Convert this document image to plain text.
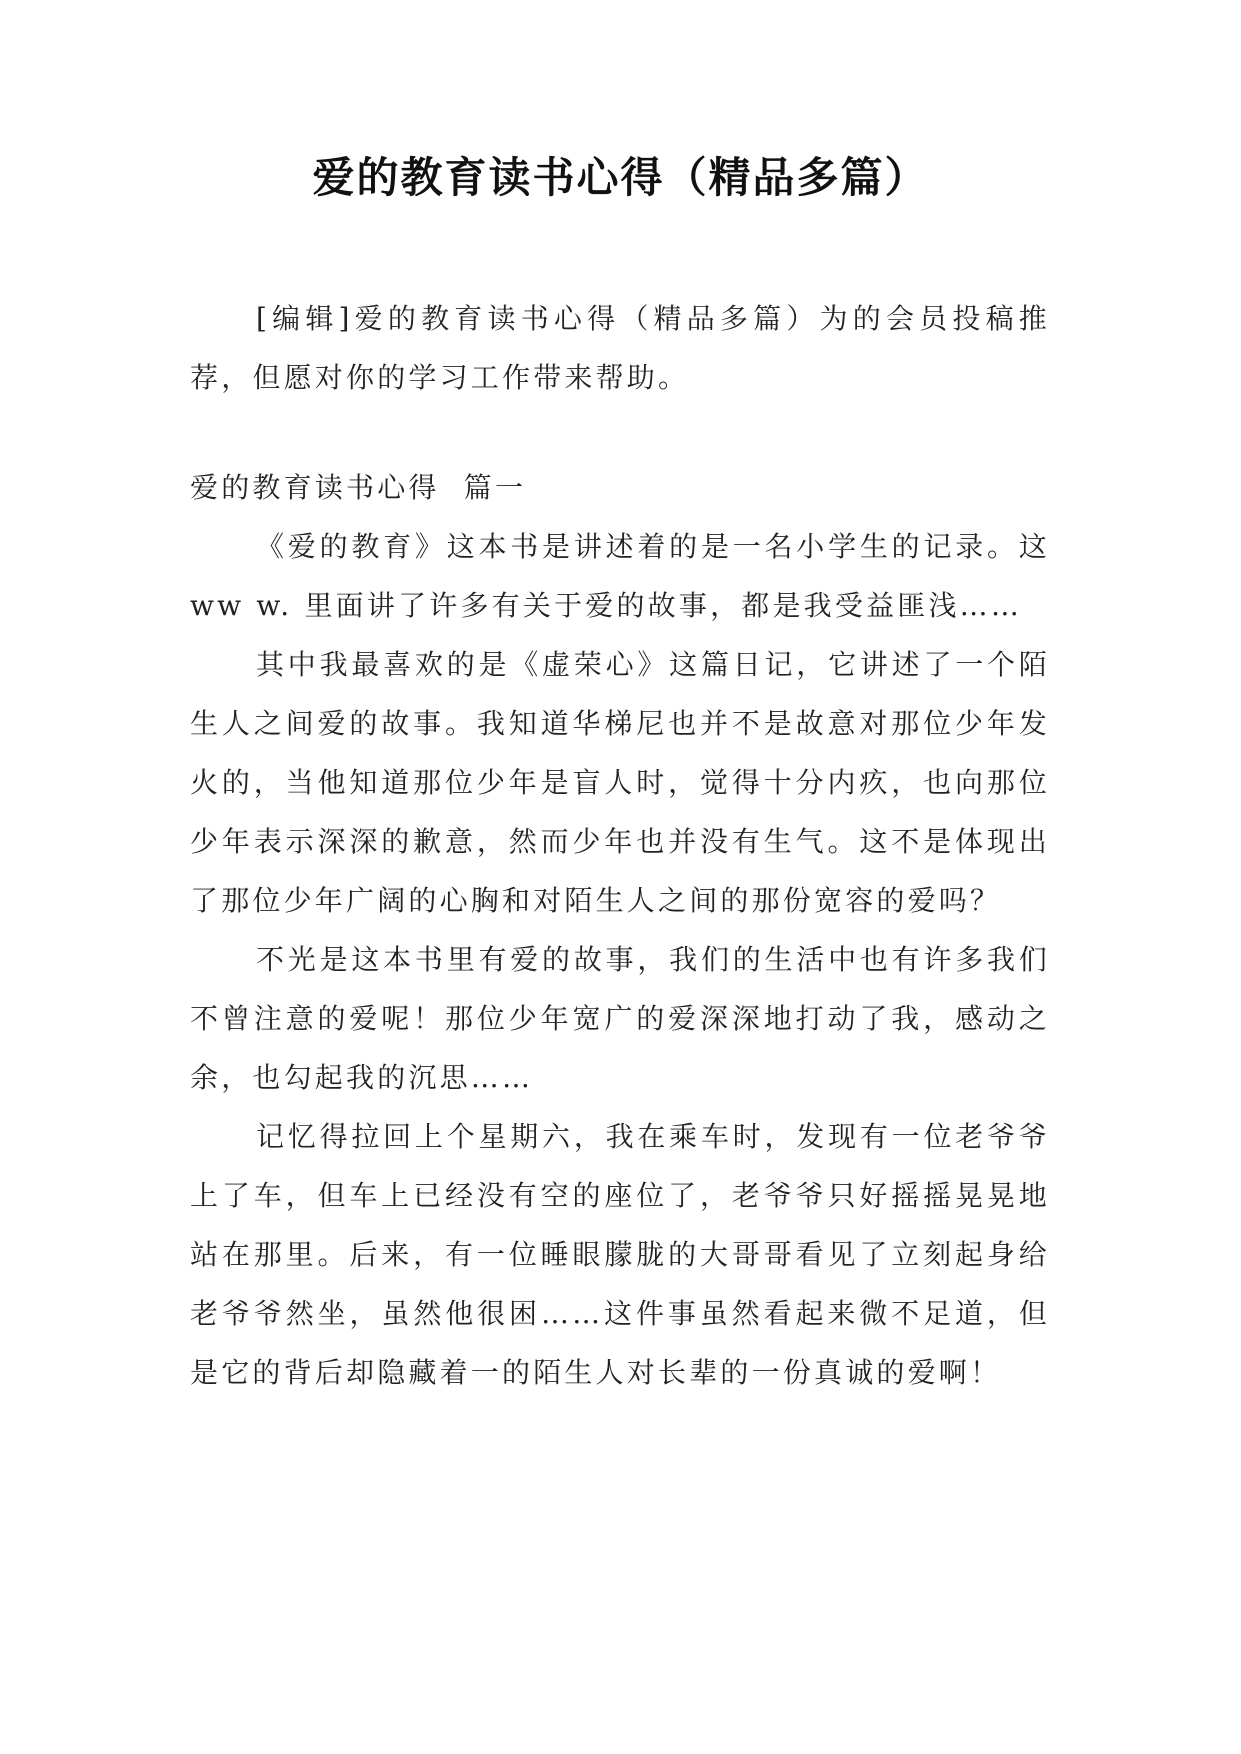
爱的教育读书心得（精品多篇）

[编辑]爱的教育读书心得（精品多篇）为的会员投稿推荐，但愿对你的学习工作带来帮助。

爱的教育读书心得  篇一

《爱的教育》这本书是讲述着的是一名小学生的记录。这 ww w. 里面讲了许多有关于爱的故事，都是我受益匪浅……

其中我最喜欢的是《虚荣心》这篇日记，它讲述了一个陌生人之间爱的故事。我知道华梯尼也并不是故意对那位少年发火的，当他知道那位少年是盲人时，觉得十分内疚，也向那位少年表示深深的歉意，然而少年也并没有生气。这不是体现出了那位少年广阔的心胸和对陌生人之间的那份宽容的爱吗？

不光是这本书里有爱的故事，我们的生活中也有许多我们不曾注意的爱呢！那位少年宽广的爱深深地打动了我，感动之余，也勾起我的沉思……

记忆得拉回上个星期六，我在乘车时，发现有一位老爷爷上了车，但车上已经没有空的座位了，老爷爷只好摇摇晃晃地站在那里。后来，有一位睡眼朦胧的大哥哥看见了立刻起身给老爷爷然坐，虽然他很困……这件事虽然看起来微不足道，但是它的背后却隐藏着一的陌生人对长辈的一份真诚的爱啊！
